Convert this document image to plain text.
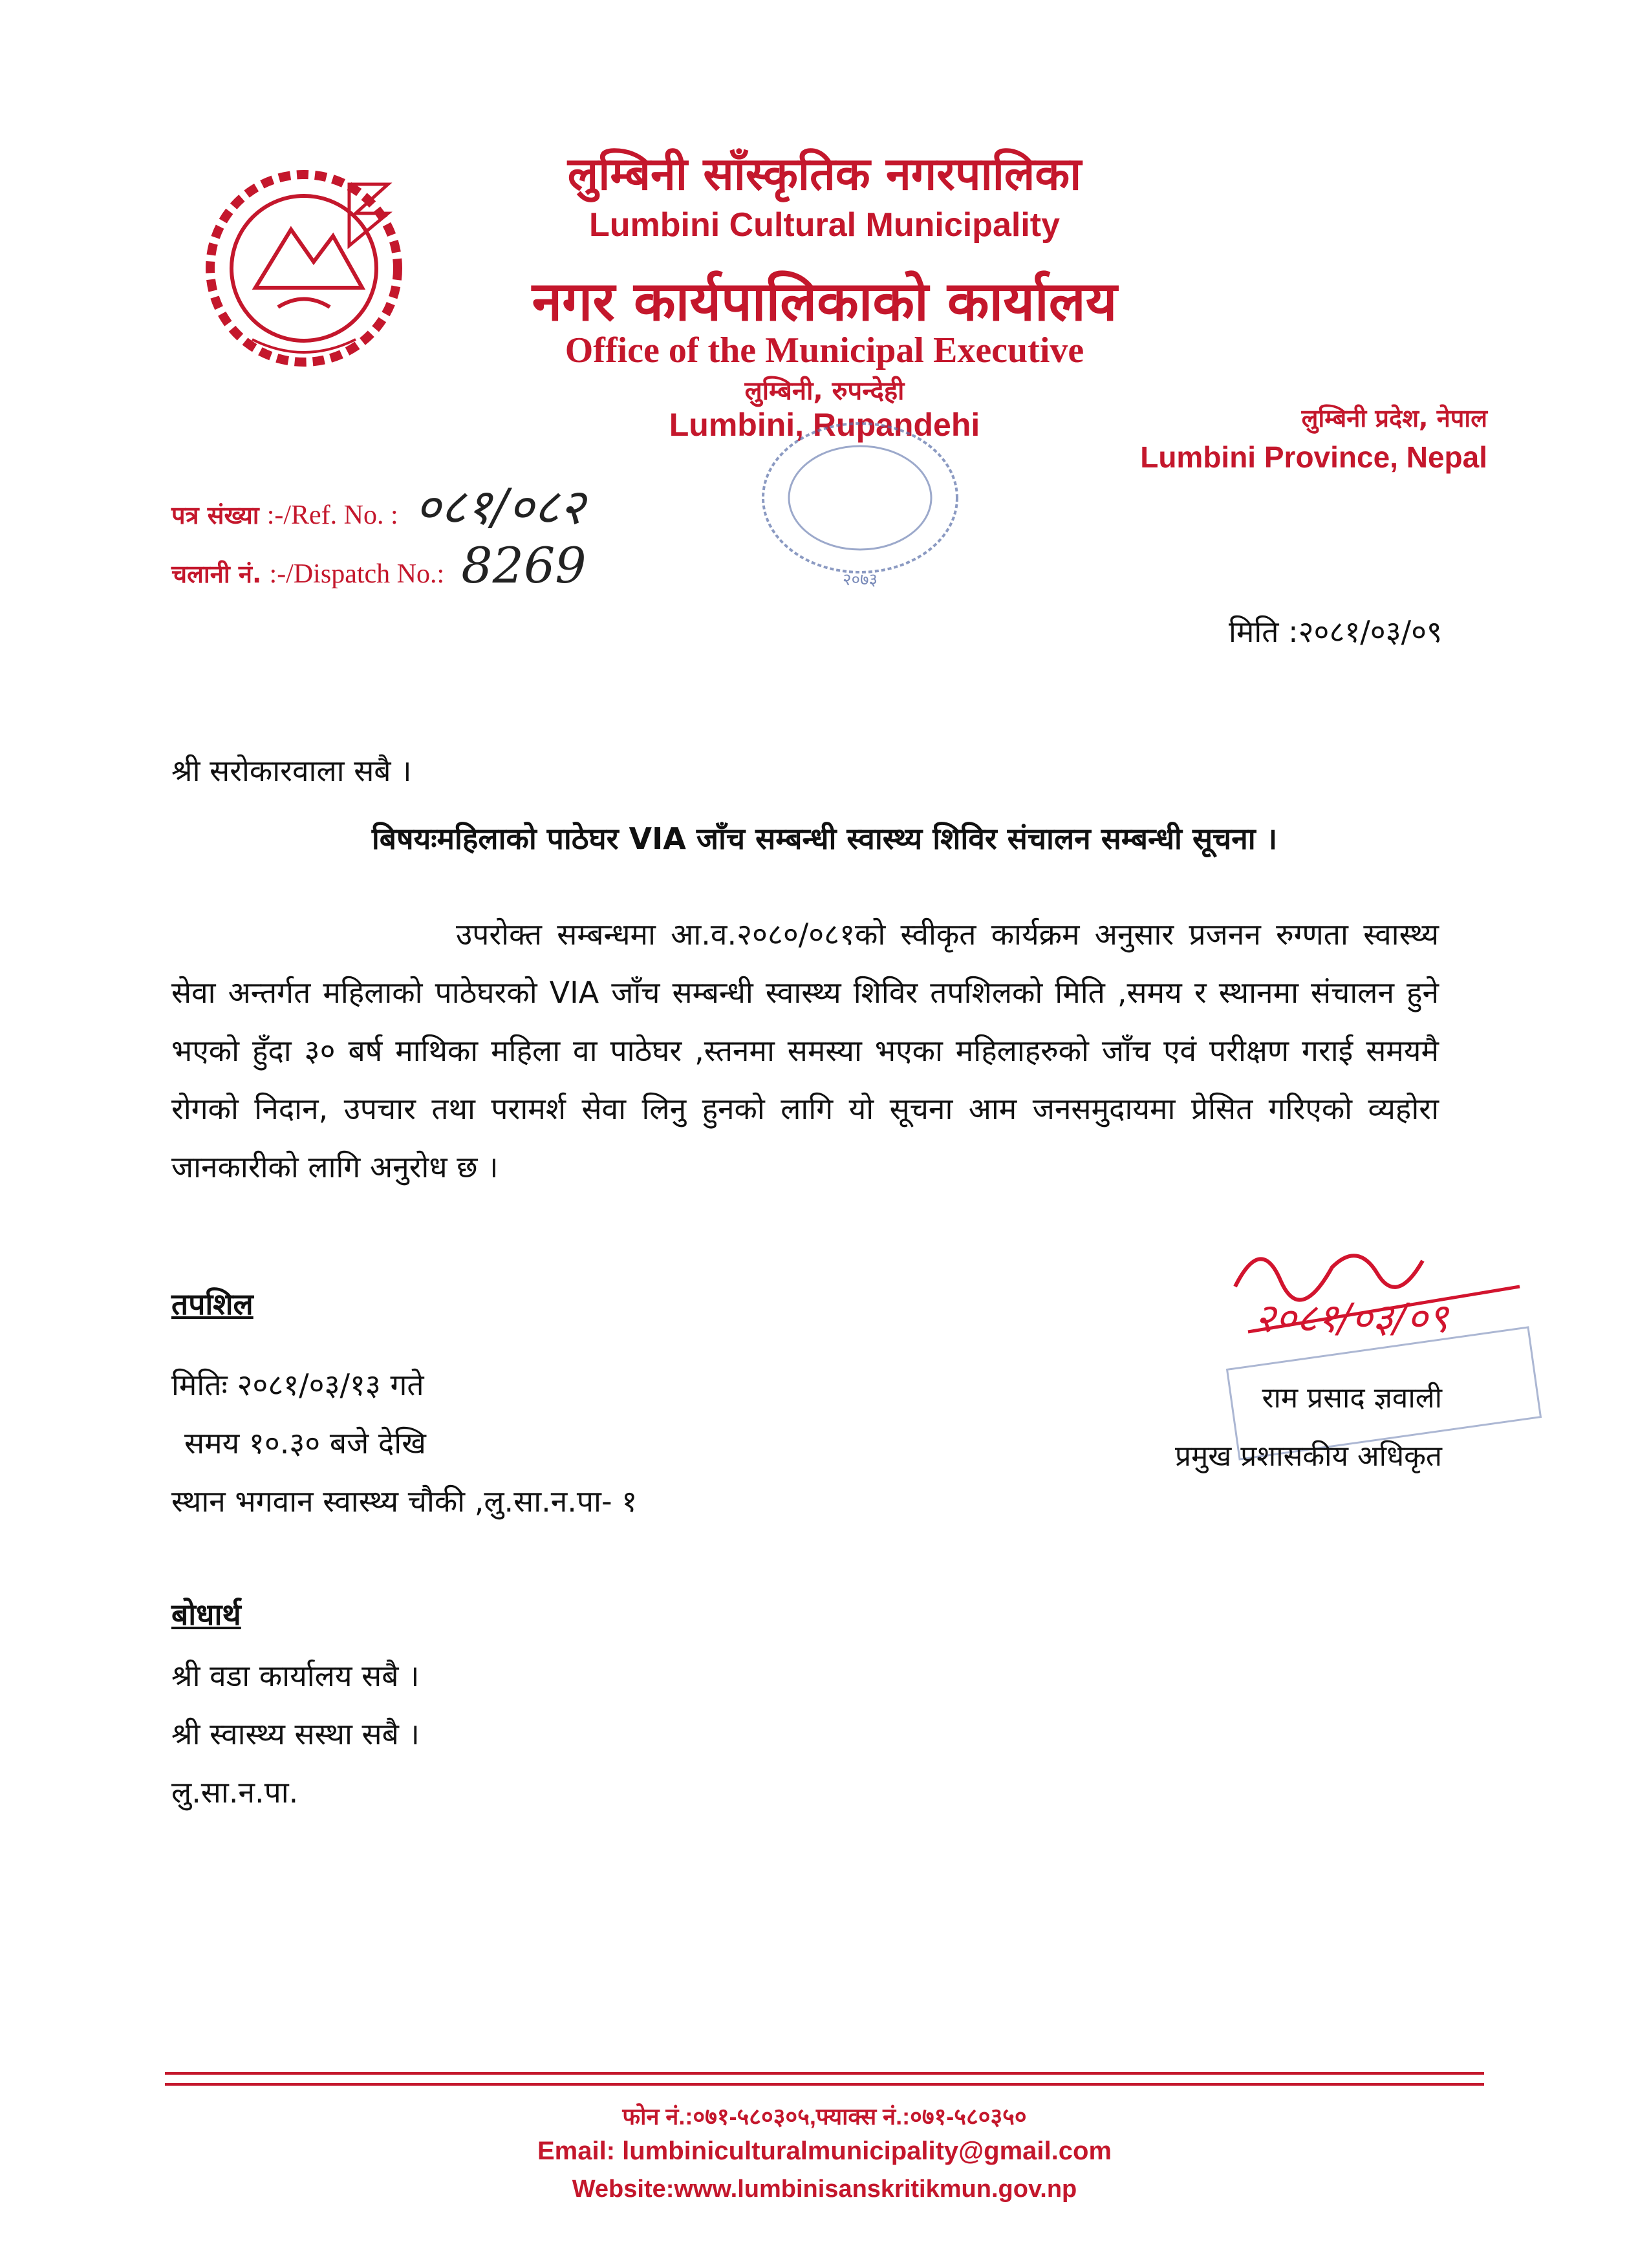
लुम्बिनी साँस्कृतिक नगरपालिका
Lumbini Cultural Municipality
नगर कार्यपालिकाको कार्यालय
Office of the Municipal Executive
लुम्बिनी, रुपन्देही
Lumbini, Rupandehi	लुम्बिनी प्रदेश, नेपाल
Lumbini Province, Nepal
२०७३
पत्र संख्या :-/Ref. No. : ०८१/०८२
चलानी नं. :-/Dispatch No.: 8269
मिति :२०८१/०३/०९
श्री सरोकारवाला सबै ।
बिषयःमहिलाको पाठेघर VIA जाँच सम्बन्धी स्वास्थ्य शिविर संचालन सम्बन्धी सूचना ।
उपरोक्त सम्बन्धमा आ.व.२०८०/०८१को स्वीकृत कार्यक्रम अनुसार प्रजनन रुग्णता स्वास्थ्य सेवा अन्तर्गत महिलाको पाठेघरको VIA जाँच सम्बन्धी स्वास्थ्य शिविर तपशिलको मिति ,समय र स्थानमा संचालन हुने भएको हुँदा ३० बर्ष माथिका महिला वा पाठेघर ,स्तनमा समस्या भएका महिलाहरुको जाँच एवं परीक्षण गराई समयमै रोगको निदान, उपचार तथा परामर्श सेवा लिनु हुनको लागि यो सूचना आम जनसमुदायमा प्रेसित गरिएको व्यहोरा जानकारीको लागि अनुरोध छ ।
तपशिल
मितिः २०८१/०३/१३ गते
समय १०.३० बजे देखि
स्थान भगवान स्वास्थ्य चौकी ,लु.सा.न.पा- १
२०८१/०३/०९
राम प्रसाद ज्ञवाली
प्रमुख प्रशासकीय अधिकृत
बोधार्थ
श्री वडा कार्यालय सबै ।
श्री स्वास्थ्य सस्था सबै ।
लु.सा.न.पा.
फोन नं.:०७१-५८०३०५,फ्याक्स नं.:०७१-५८०३५०
Email: lumbiniculturalmunicipality@gmail.com
Website:www.lumbinisanskritikmun.gov.np
